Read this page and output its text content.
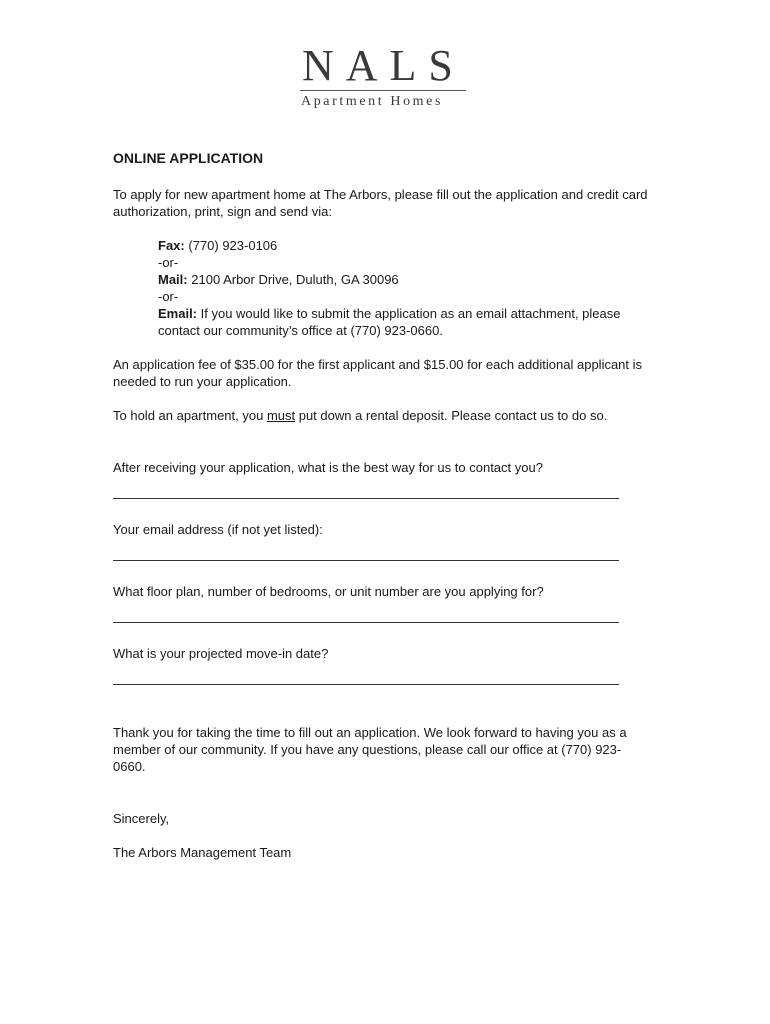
NALS
Apartment Homes
ONLINE APPLICATION

To apply for new apartment home at The Arbors, please fill out the application and credit card authorization, print, sign and send via:

Fax: (770) 923-0106
-or-
Mail: 2100 Arbor Drive, Duluth, GA 30096
-or-
Email: If you would like to submit the application as an email attachment, please contact our community’s office at (770) 923-0660.

An application fee of $35.00 for the first applicant and $15.00 for each additional applicant is needed to run your application.

To hold an apartment, you must put down a rental deposit. Please contact us to do so.

After receiving your application, what is the best way for us to contact you?

Your email address (if not yet listed):

What floor plan, number of bedrooms, or unit number are you applying for?

What is your projected move-in date?

Thank you for taking the time to fill out an application. We look forward to having you as a member of our community. If you have any questions, please call our office at (770) 923-0660.

Sincerely,

The Arbors Management Team
